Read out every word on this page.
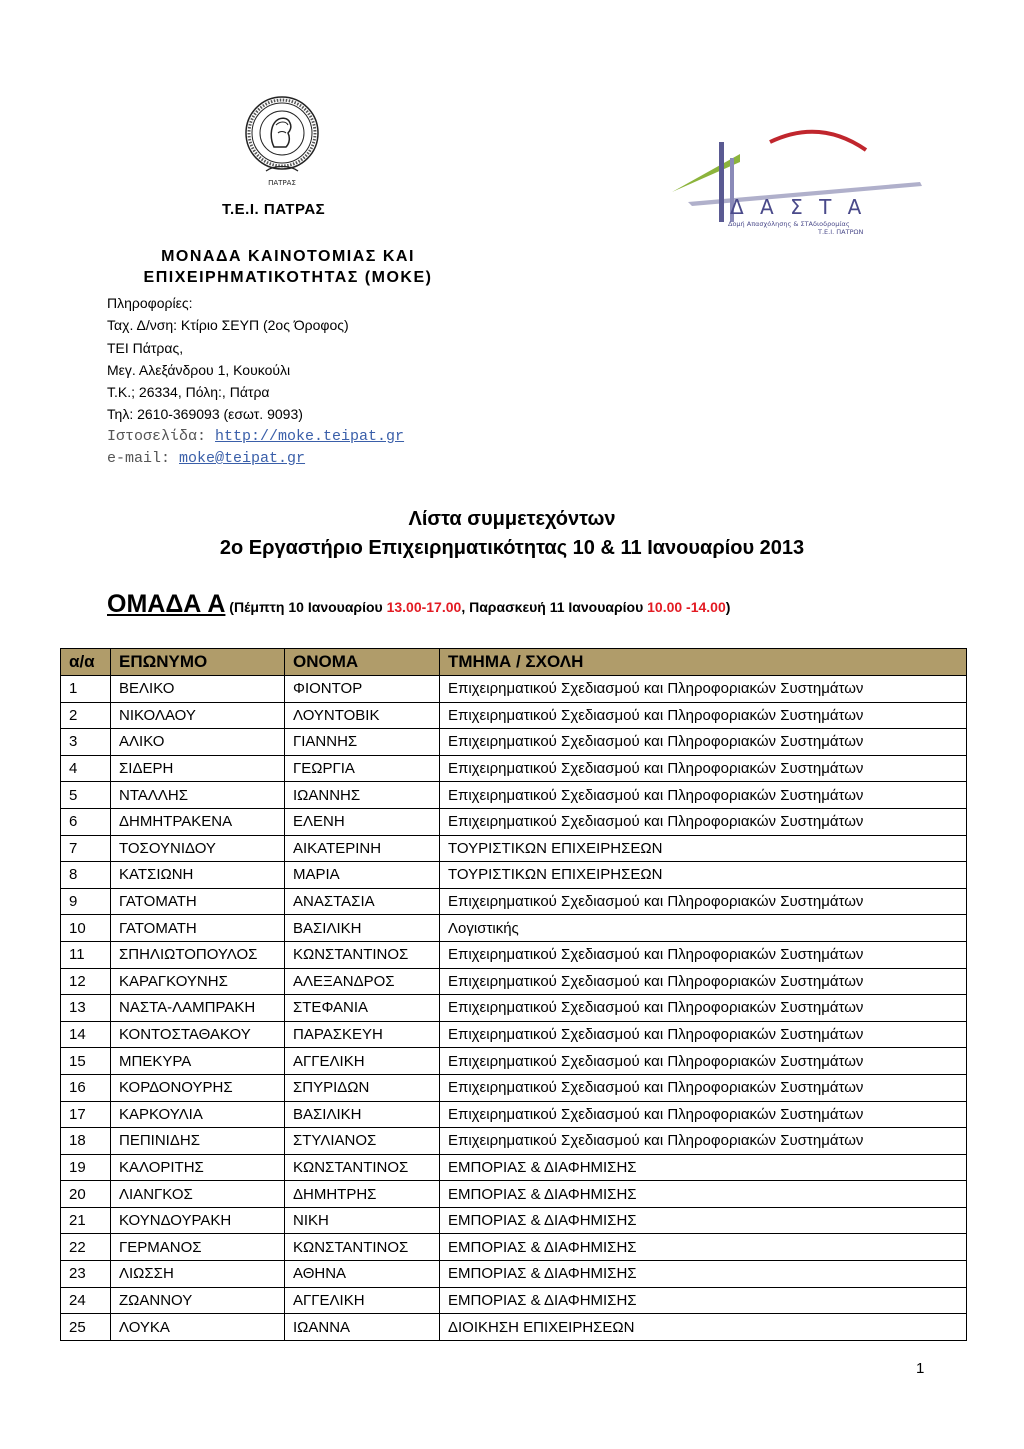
ΠΑΤΡΑΣ
Τ.Ε.Ι. ΠΑΤΡΑΣ	Δ Α Σ Τ Α
Δομή Απασχόλησης & ΣΤΑδιοδρομίας
Τ.Ε.Ι. ΠΑΤΡΩΝ
ΜΟΝΑΔΑ ΚΑΙΝΟΤΟΜΙΑΣ ΚΑΙ
ΕΠΙΧΕΙΡΗΜΑΤΙΚΟΤΗΤΑΣ (ΜΟΚΕ)
Πληροφορίες:
Ταχ. Δ/νση: Κτίριο ΣΕΥΠ (2ος Όροφος)
ΤΕΙ Πάτρας,
Μεγ. Αλεξάνδρου 1, Κουκούλι
Τ.Κ.; 26334, Πόλη:, Πάτρα
Τηλ: 2610-369093 (εσωτ. 9093)
Ιστοσελίδα: http://moke.teipat.gr
e-mail: moke@teipat.gr
Λίστα συμμετεχόντων
2ο Εργαστήριο Επιχειρηματικότητας 10 & 11 Ιανουαρίου 2013
ΟΜΑΔΑ Α (Πέμπτη 10 Ιανουαρίου 13.00-17.00, Παρασκευή 11 Ιανουαρίου 10.00 -14.00)
α/α	ΕΠΩΝΥΜΟ	ΟΝΟΜΑ	ΤΜΗΜΑ / ΣΧΟΛΗ
1	ΒΕΛΙΚΟ	ΦΙΟΝΤΟΡ	Επιχειρηματικού Σχεδιασμού και Πληροφοριακών Συστημάτων
2	ΝΙΚΟΛΑΟΥ	ΛΟΥΝΤΟΒΙΚ	Επιχειρηματικού Σχεδιασμού και Πληροφοριακών Συστημάτων
3	ΑΛΙΚΟ	ΓΙΑΝΝΗΣ	Επιχειρηματικού Σχεδιασμού και Πληροφοριακών Συστημάτων
4	ΣΙΔΕΡΗ	ΓΕΩΡΓΙΑ	Επιχειρηματικού Σχεδιασμού και Πληροφοριακών Συστημάτων
5	ΝΤΑΛΛΗΣ	ΙΩΑΝΝΗΣ	Επιχειρηματικού Σχεδιασμού και Πληροφοριακών Συστημάτων
6	ΔΗΜΗΤΡΑΚΕΝΑ	ΕΛΕΝΗ	Επιχειρηματικού Σχεδιασμού και Πληροφοριακών Συστημάτων
7	ΤΟΣΟΥΝΙΔΟΥ	ΑΙΚΑΤΕΡΙΝΗ	ΤΟΥΡΙΣΤΙΚΩΝ ΕΠΙΧΕΙΡΗΣΕΩΝ
8	ΚΑΤΣΙΩΝΗ	ΜΑΡΙΑ	ΤΟΥΡΙΣΤΙΚΩΝ ΕΠΙΧΕΙΡΗΣΕΩΝ
9	ΓΑΤΟΜΑΤΗ	ΑΝΑΣΤΑΣΙΑ	Επιχειρηματικού Σχεδιασμού και Πληροφοριακών Συστημάτων
10	ΓΑΤΟΜΑΤΗ	ΒΑΣΙΛΙΚΗ	Λογιστικής
11	ΣΠΗΛΙΩΤΟΠΟΥΛΟΣ	ΚΩΝΣΤΑΝΤΙΝΟΣ	Επιχειρηματικού Σχεδιασμού και Πληροφοριακών Συστημάτων
12	ΚΑΡΑΓΚΟΥΝΗΣ	ΑΛΕΞΑΝΔΡΟΣ	Επιχειρηματικού Σχεδιασμού και Πληροφοριακών Συστημάτων
13	ΝΑΣΤΑ-ΛΑΜΠΡΑΚΗ	ΣΤΕΦΑΝΙΑ	Επιχειρηματικού Σχεδιασμού και Πληροφοριακών Συστημάτων
14	ΚΟΝΤΟΣΤΑΘΑΚΟΥ	ΠΑΡΑΣΚΕΥΗ	Επιχειρηματικού Σχεδιασμού και Πληροφοριακών Συστημάτων
15	ΜΠΕΚΥΡΑ	ΑΓΓΕΛΙΚΗ	Επιχειρηματικού Σχεδιασμού και Πληροφοριακών Συστημάτων
16	ΚΟΡΔΟΝΟΥΡΗΣ	ΣΠΥΡΙΔΩΝ	Επιχειρηματικού Σχεδιασμού και Πληροφοριακών Συστημάτων
17	ΚΑΡΚΟΥΛΙΑ	ΒΑΣΙΛΙΚΗ	Επιχειρηματικού Σχεδιασμού και Πληροφοριακών Συστημάτων
18	ΠΕΠΙΝΙΔΗΣ	ΣΤΥΛΙΑΝΟΣ	Επιχειρηματικού Σχεδιασμού και Πληροφοριακών Συστημάτων
19	ΚΑΛΟΡΙΤΗΣ	ΚΩΝΣΤΑΝΤΙΝΟΣ	ΕΜΠΟΡΙΑΣ & ΔΙΑΦΗΜΙΣΗΣ
20	ΛΙΑΝΓΚΟΣ	ΔΗΜΗΤΡΗΣ	ΕΜΠΟΡΙΑΣ & ΔΙΑΦΗΜΙΣΗΣ
21	ΚΟΥΝΔΟΥΡΑΚΗ	ΝΙΚΗ	ΕΜΠΟΡΙΑΣ & ΔΙΑΦΗΜΙΣΗΣ
22	ΓΕΡΜΑΝΟΣ	ΚΩΝΣΤΑΝΤΙΝΟΣ	ΕΜΠΟΡΙΑΣ & ΔΙΑΦΗΜΙΣΗΣ
23	ΛΙΩΣΣΗ	ΑΘΗΝΑ	ΕΜΠΟΡΙΑΣ & ΔΙΑΦΗΜΙΣΗΣ
24	ΖΩΑΝΝΟΥ	ΑΓΓΕΛΙΚΗ	ΕΜΠΟΡΙΑΣ & ΔΙΑΦΗΜΙΣΗΣ
25	ΛΟΥΚΑ	ΙΩΑΝΝΑ	ΔΙΟΙΚΗΣΗ ΕΠΙΧΕΙΡΗΣΕΩΝ
1
